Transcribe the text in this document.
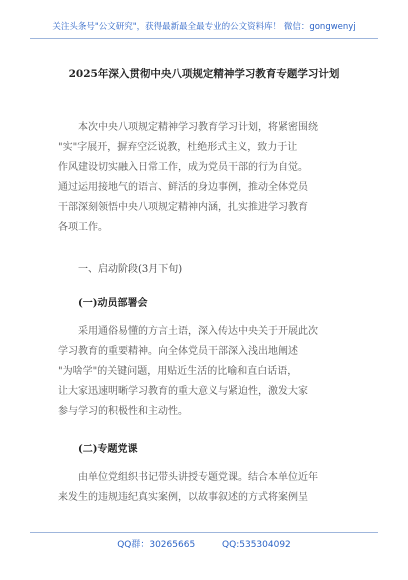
关注头条号"公文研究"，获得最新最全最专业的公文资料库！ 微信：gongwenyj
2025年深入贯彻中央八项规定精神学习教育专题学习计划
本次中央八项规定精神学习教育学习计划，将紧密围绕
"实"字展开，摒弃空泛说教，杜绝形式主义，致力于让
作风建设切实融入日常工作，成为党员干部的行为自觉。
通过运用接地气的语言、鲜活的身边事例，推动全体党员
干部深刻领悟中央八项规定精神内涵，扎实推进学习教育
各项工作。
一、启动阶段(3月下旬)
(一)动员部署会
采用通俗易懂的方言土语，深入传达中央关于开展此次
学习教育的重要精神。向全体党员干部深入浅出地阐述
"为啥学"的关键问题，用贴近生活的比喻和直白话语，
让大家迅速明晰学习教育的重大意义与紧迫性，激发大家
参与学习的积极性和主动性。
(二)专题党课
由单位党组织书记带头讲授专题党课。结合本单位近年
来发生的违规违纪真实案例，以故事叙述的方式将案例呈
QQ群：30265665	QQ:535304092
